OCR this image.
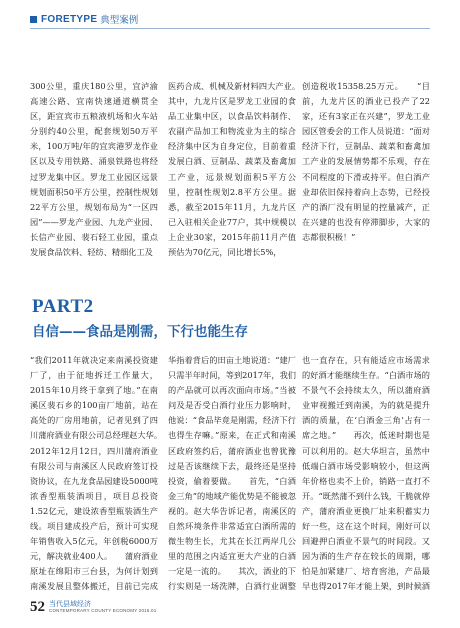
FORETYPE 典型案例

300公里，重庆180公里，宜泸渝高速公路、宜南快速通道横贯全区，距宜宾市五粮液机场和火车站分别约40公里，配套规划50万平米，100万吨/年的宜宾港罗龙作业区以及专用铁路、涌泉铁路也将经过罗龙集中区。罗龙工业园区远景规划面积50平方公里，控制性规划22平方公里，规划布局为“一区四园”——罗龙产业园、九龙产业园、长信产业园、裴石轻工业园，重点发展食品饮料、轻纺、精细化工及

医药合成、机械及新材料四大产业。　　其中，九龙片区是罗龙工业园的食品工业集中区，以食品饮料制作、农副产品加工和物流业为主的综合经济集中区为自身定位，目前着重发展白酒、豆制品、蔬菜及畜禽加工产业，远景规划面积5平方公里，控制性规划2.8平方公里。据悉，截至2015年11月，九龙片区已入驻相关企业77户，其中规模以上企业30家，2015年前11月产值预估为70亿元，同比增长5%，

创造税收15358.25万元。　　“目前，九龙片区的酒业已投产了22家，还有3家正在兴建”，罗龙工业园区管委会的工作人员说道：“面对经济下行，豆制品、蔬菜和畜禽加工产业的发展情势都不乐观，存在不同程度的下滑或持平。但白酒产业却依旧保持着向上态势，已经投产的酒厂没有明显的控量减产，正在兴建的也没有停滞脚步，大家的志都很积极！”

PART2
自信——食品是刚需，下行也能生存

“我们2011年就决定来南溪投资建厂了，由于征地拆迁工作量大，2015年10月终于拿到了地。”在南溪区裴石乡的100亩厂地前，站在高处的厂房用地前，记者见到了四川蒲府酒业有限公司总经理赵大华。　　2012年12月12日，四川蒲府酒业有限公司与南溪区人民政府签订投资协议，在九龙食品园建设5000吨浓香型瓶装酒项目，项目总投资1.52亿元，建设浓香型瓶装酒生产线。项目建成投产后，预计可实现年销售收入5亿元，年创税6000万元，解决就业400人。　　蒲府酒业原址在绵阳市三台县，为何计划到南溪发展且整体搬迁，目前已完成

华指着背后的田亩土地说道：“建厂只需半年时间，等到2017年，我们的产品就可以再次面向市场。”当被问及是否受白酒行业压力影响时，他说：“食品毕竟是刚需，经济下行也得生存嘛。”原来，在正式和南溪区政府签约后，蒲府酒业也曾犹豫过是否该继续下去，最终还是坚持投资，偷着要做。　　首先，“白酒金三角”的地域产能优势是不能被忽视的。赵大华告诉记者，南溪区的自然环境条件非常适宜白酒所需的微生物生长，尤其在长江两岸几公里的范围之内适宜更大产业的白酒一定是一流的。　　其次，酒业的下行实则是一场洗牌，白酒行业调整

也一直存在，只有能适应市场需求的好酒才能继续生存。“白酒市场的不景气不会持续太久，所以蒲府酒业审视搬迁到南溪，为的就是提升酒的质量，在‘白酒金三角’占有一席之地。”　　再次，低迷时期也是可以利用的。赵大华坦言，虽然中低端白酒市场受影响较小，但这两年价格也卖不上价，销路一直打不开。“既然蒲不到什么钱，干脆就停产，蒲府酒业更换厂址来积蓄实力好一些，这在这个时间，刚好可以回避押白酒业不景气的时间段。又因为酒的生产存在较长的周期，哪怕是加紧建厂、培育窖池，产品最早也得2017年才能上架，到时候酒

52 当代县域经济
CONTEMPORARY COUNTY ECONOMY 2016.01
